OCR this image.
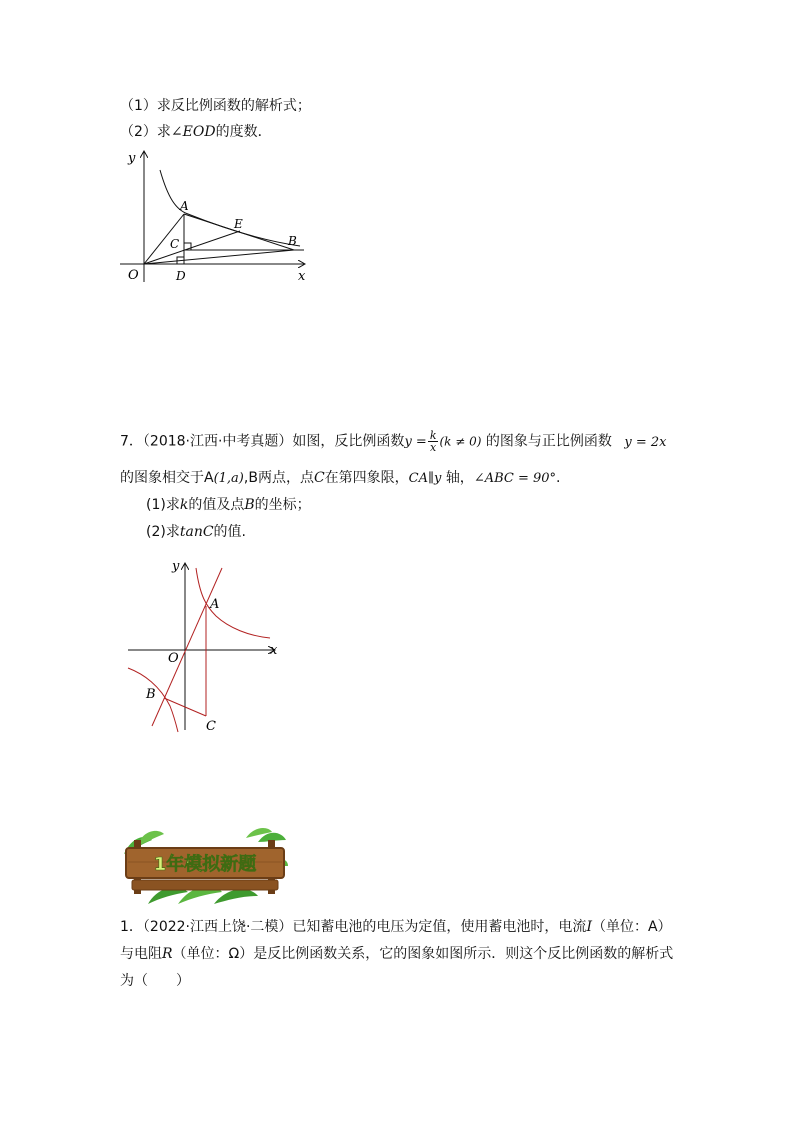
（1）求反比例函数的解析式；
（2）求∠EOD的度数．
y
x
O
A
E
B
C
D
7．（2018·江西·中考真题）如图，反比例函数$y = \frac{k}{x} (k \ne 0)$ 的图象与正比例函数 y = 2x
的图象相交于A(1,a),B两点，点C在第四象限，CA∥y 轴，∠ABC = 90°.
(1)求k的值及点B的坐标；
(2)求tanC的值.
y
x
O
A
B
C
1年模拟新题
1．（2022·江西上饶·二模）已知蓄电池的电压为定值，使用蓄电池时，电流I（单位：A）
与电阻R（单位：Ω）是反比例函数关系，它的图象如图所示．则这个反比例函数的解析式
为（　　）
